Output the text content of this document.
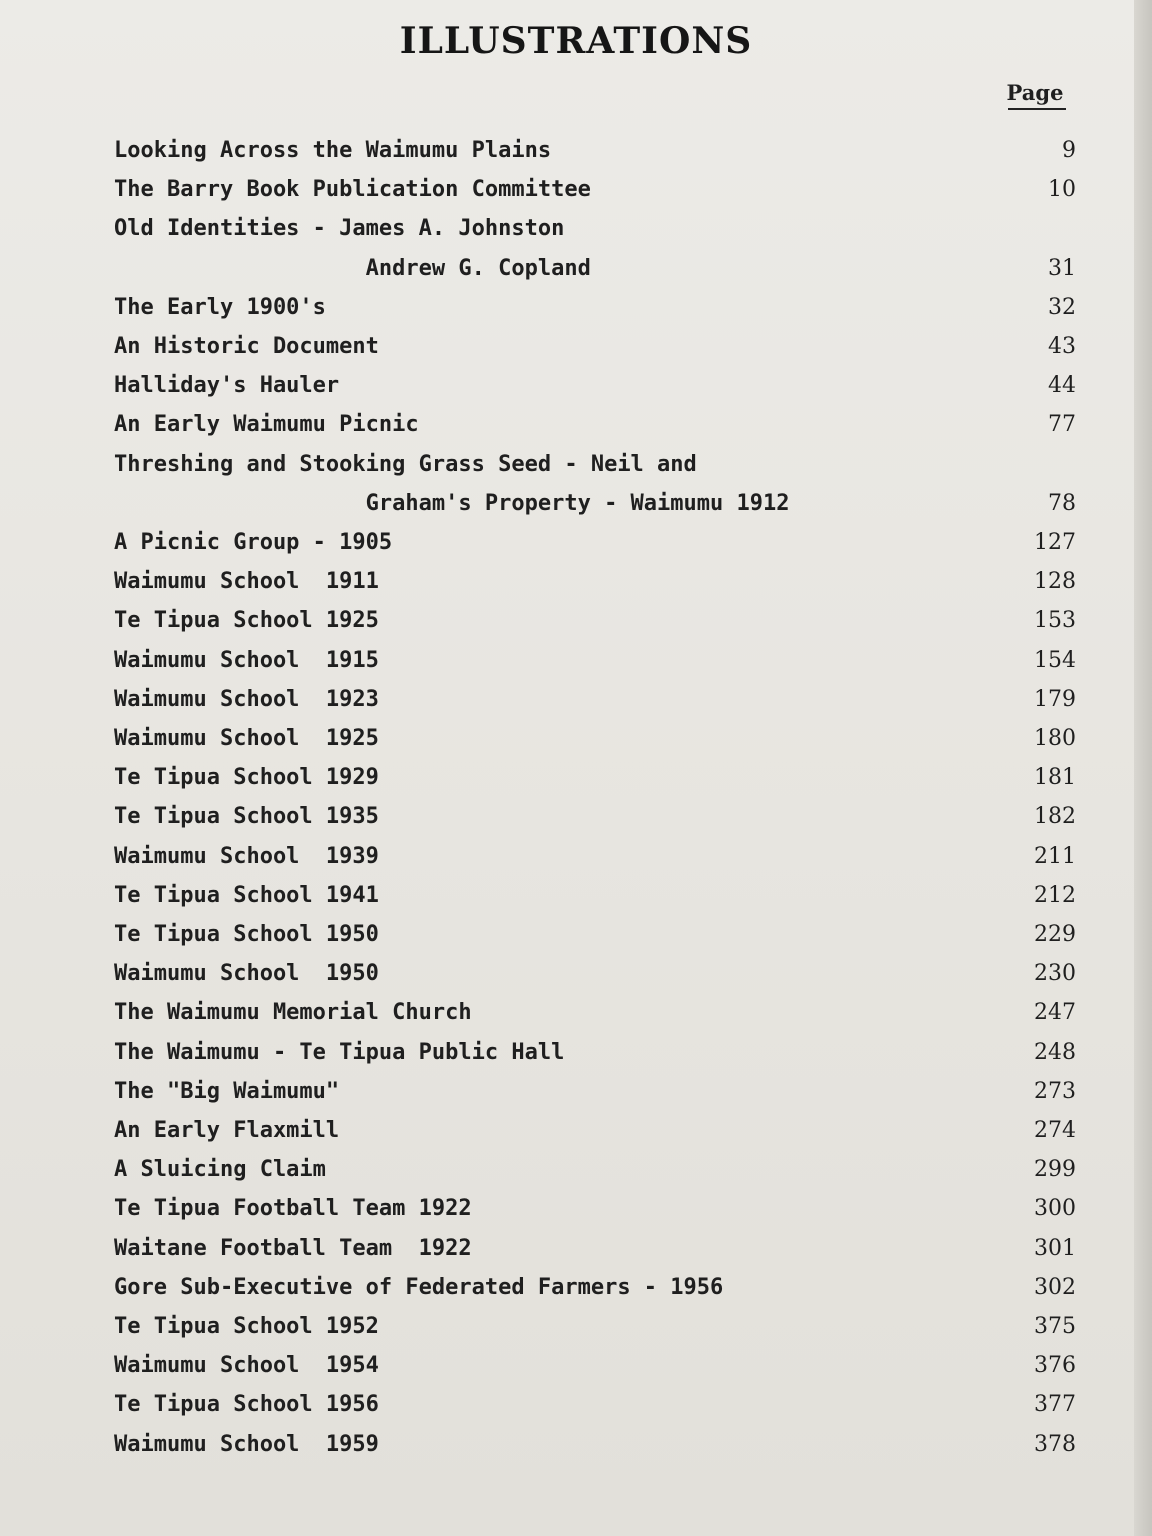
ILLUSTRATIONS
Page
Looking Across the Waimumu Plains	9
The Barry Book Publication Committee	10
Old Identities - James A. Johnston
Andrew G. Copland	31
The Early 1900's	32
An Historic Document	43
Halliday's Hauler	44
An Early Waimumu Picnic	77
Threshing and Stooking Grass Seed - Neil and
Graham's Property - Waimumu 1912	78
A Picnic Group - 1905	127
Waimumu School  1911	128
Te Tipua School 1925	153
Waimumu School  1915	154
Waimumu School  1923	179
Waimumu School  1925	180
Te Tipua School 1929	181
Te Tipua School 1935	182
Waimumu School  1939	211
Te Tipua School 1941	212
Te Tipua School 1950	229
Waimumu School  1950	230
The Waimumu Memorial Church	247
The Waimumu - Te Tipua Public Hall	248
The "Big Waimumu"	273
An Early Flaxmill	274
A Sluicing Claim	299
Te Tipua Football Team 1922	300
Waitane Football Team  1922	301
Gore Sub-Executive of Federated Farmers - 1956	302
Te Tipua School 1952	375
Waimumu School  1954	376
Te Tipua School 1956	377
Waimumu School  1959	378
